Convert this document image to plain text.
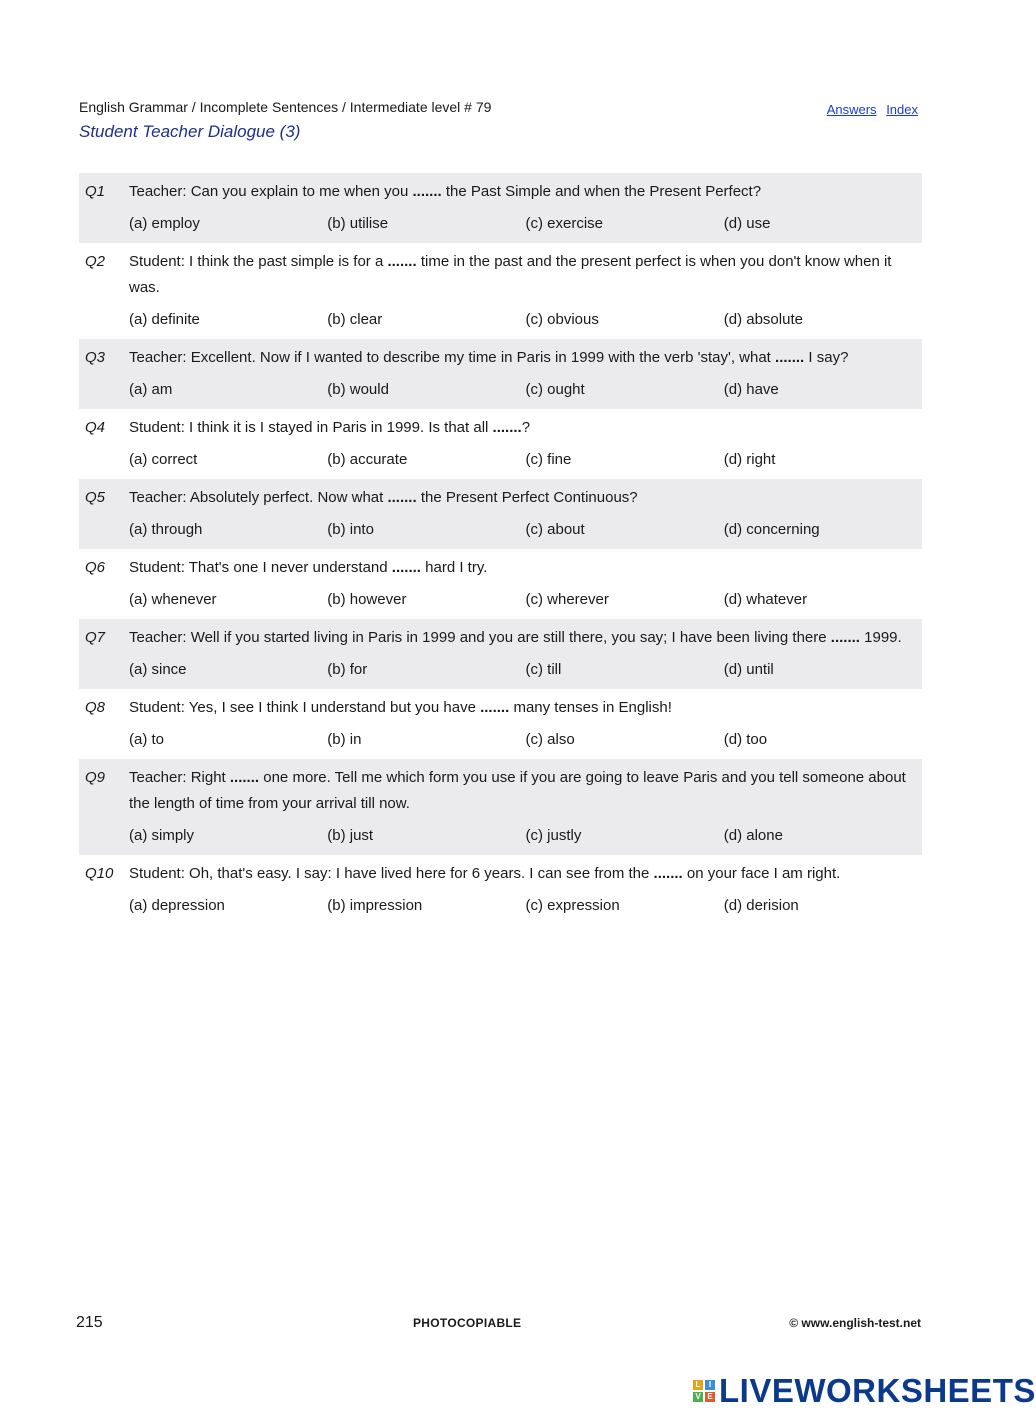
English Grammar / Incomplete Sentences / Intermediate level # 79
Student Teacher Dialogue (3)
Answers Index
Q1	Teacher: Can you explain to me when you ....... the Past Simple and when the Present Perfect?
(a) employ	(b) utilise	(c) exercise	(d) use
Q2	Student: I think the past simple is for a ....... time in the past and the present perfect is when you don't know when it was.
(a) definite	(b) clear	(c) obvious	(d) absolute
Q3	Teacher: Excellent. Now if I wanted to describe my time in Paris in 1999 with the verb 'stay', what ....... I say?
(a) am	(b) would	(c) ought	(d) have
Q4	Student: I think it is I stayed in Paris in 1999. Is that all .......?
(a) correct	(b) accurate	(c) fine	(d) right
Q5	Teacher: Absolutely perfect. Now what ....... the Present Perfect Continuous?
(a) through	(b) into	(c) about	(d) concerning
Q6	Student: That's one I never understand ....... hard I try.
(a) whenever	(b) however	(c) wherever	(d) whatever
Q7	Teacher: Well if you started living in Paris in 1999 and you are still there, you say; I have been living there ....... 1999.
(a) since	(b) for	(c) till	(d) until
Q8	Student: Yes, I see I think I understand but you have ....... many tenses in English!
(a) to	(b) in	(c) also	(d) too
Q9	Teacher: Right ....... one more. Tell me which form you use if you are going to leave Paris and you tell someone about the length of time from your arrival till now.
(a) simply	(b) just	(c) justly	(d) alone
Q10	Student: Oh, that's easy. I say: I have lived here for 6 years. I can see from the ....... on your face I am right.
(a) depression	(b) impression	(c) expression	(d) derision
215	PHOTOCOPIABLE	© www.english-test.net
L	I
V E LIVEWORKSHEETS
